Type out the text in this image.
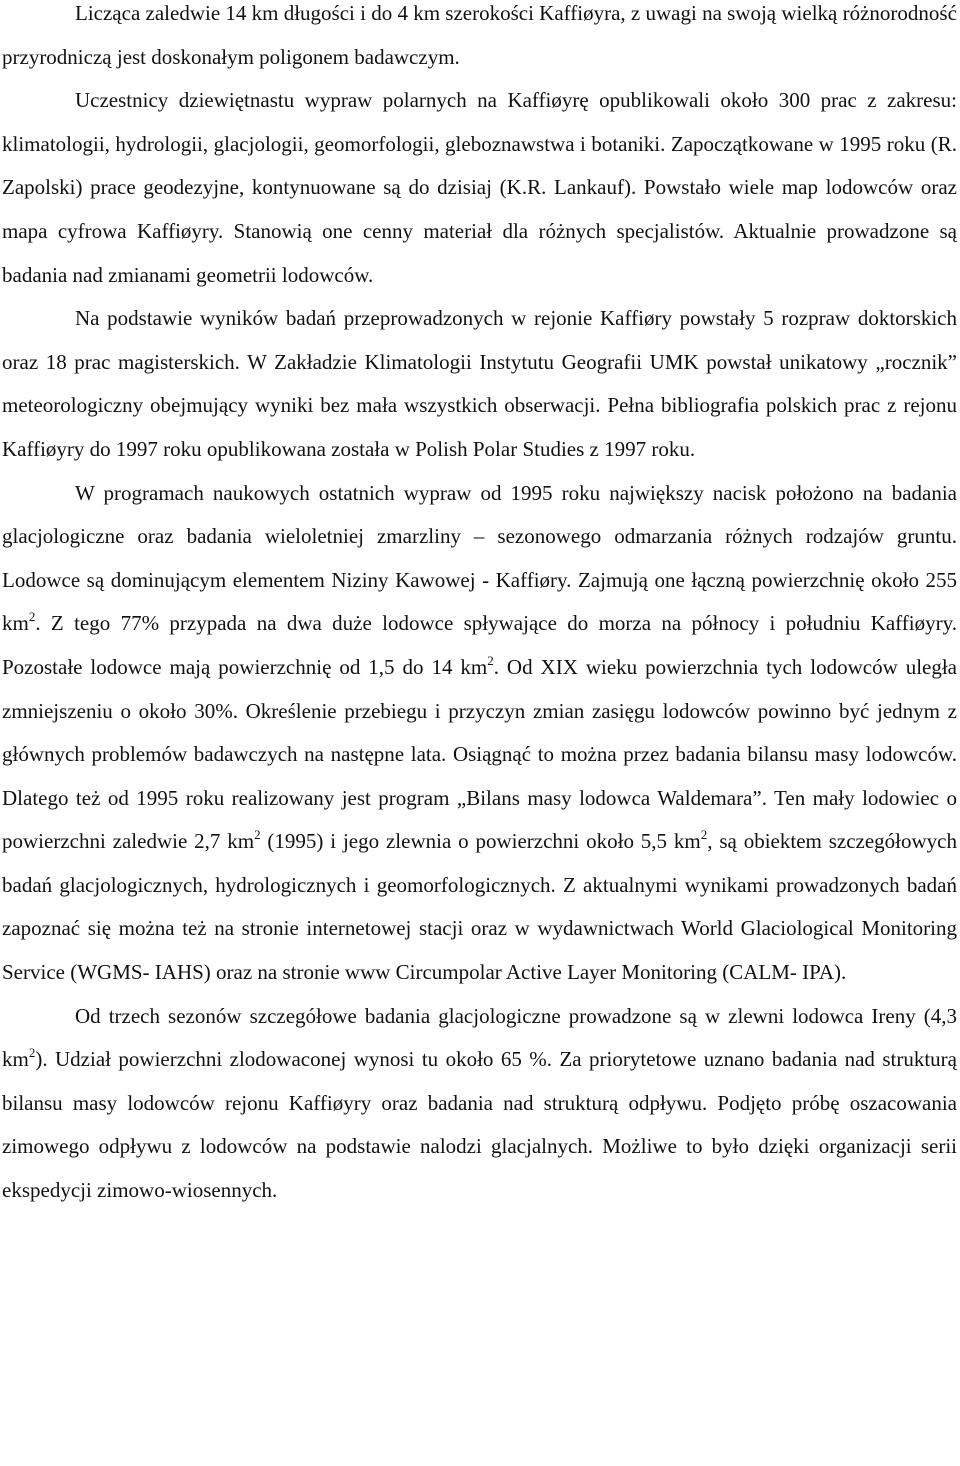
Licząca zaledwie 14 km długości i do 4 km szerokości Kaffiøyra, z uwagi na swoją wielką różnorodność przyrodniczą jest doskonałym poligonem badawczym.

Uczestnicy dziewiętnastu wypraw polarnych na Kaffiøyrę opublikowali około 300 prac z zakresu: klimatologii, hydrologii, glacjologii, geomorfologii, gleboznawstwa i botaniki. Zapoczątkowane w 1995 roku (R. Zapolski) prace geodezyjne, kontynuowane są do dzisiaj (K.R. Lankauf). Powstało wiele map lodowców oraz mapa cyfrowa Kaffiøyry. Stanowią one cenny materiał dla różnych specjalistów. Aktualnie prowadzone są badania nad zmianami geometrii lodowców.

Na podstawie wyników badań przeprowadzonych w rejonie Kaffiøry powstały 5 rozpraw doktorskich oraz 18 prac magisterskich. W Zakładzie Klimatologii Instytutu Geografii UMK powstał unikatowy „rocznik” meteorologiczny obejmujący wyniki bez mała wszystkich obserwacji. Pełna bibliografia polskich prac z rejonu Kaffiøyry do 1997 roku opublikowana została w Polish Polar Studies z 1997 roku.

W programach naukowych ostatnich wypraw od 1995 roku największy nacisk położono na badania glacjologiczne oraz badania wieloletniej zmarzliny – sezonowego odmarzania różnych rodzajów gruntu. Lodowce są dominującym elementem Niziny Kawowej - Kaffiøry. Zajmują one łączną powierzchnię około 255 $km^2$. Z tego 77% przypada na dwa duże lodowce spływające do morza na północy i południu Kaffiøyry. Pozostałe lodowce mają powierzchnię od 1,5 do 14 $km^2$. Od XIX wieku powierzchnia tych lodowców uległa zmniejszeniu o około 30%. Określenie przebiegu i przyczyn zmian zasięgu lodowców powinno być jednym z głównych problemów badawczych na następne lata. Osiągnąć to można przez badania bilansu masy lodowców. Dlatego też od 1995 roku realizowany jest program „Bilans masy lodowca Waldemara”. Ten mały lodowiec o powierzchni zaledwie 2,7 $km^2$ (1995) i jego zlewnia o powierzchni około 5,5 $km^2$, są obiektem szczegółowych badań glacjologicznych, hydrologicznych i geomorfologicznych. Z aktualnymi wynikami prowadzonych badań zapoznać się można też na stronie internetowej stacji oraz w wydawnictwach World Glaciological Monitoring Service (WGMS- IAHS) oraz na stronie www Circumpolar Active Layer Monitoring (CALM- IPA).

Od trzech sezonów szczegółowe badania glacjologiczne prowadzone są w zlewni lodowca Ireny (4,3 $km^2$). Udział powierzchni zlodowaconej wynosi tu około 65 %. Za priorytetowe uznano badania nad strukturą bilansu masy lodowców rejonu Kaffiøyry oraz badania nad strukturą odpływu. Podjęto próbę oszacowania zimowego odpływu z lodowców na podstawie nalodzi glacjalnych. Możliwe to było dzięki organizacji serii ekspedycji zimowo-wiosennych.
